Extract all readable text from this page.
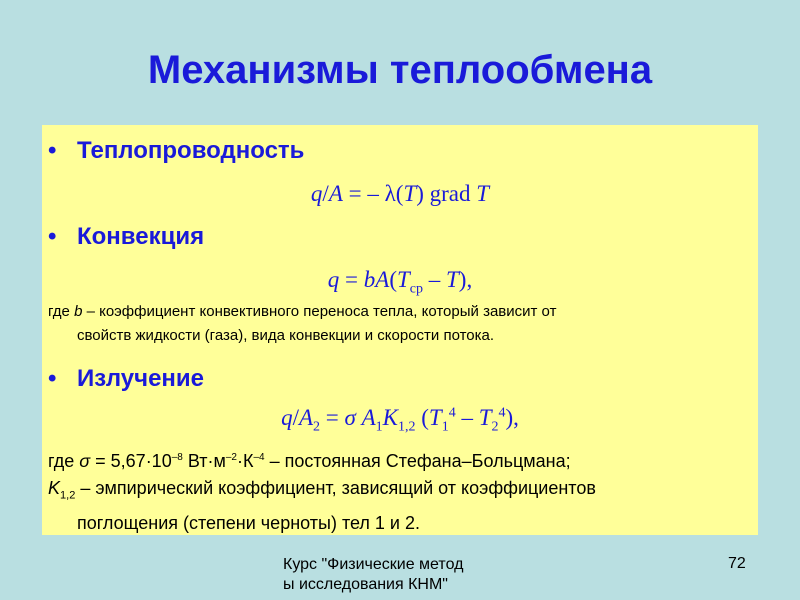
Механизмы теплообмена
• Теплопроводность
q/A = – λ(T) grad T
• Конвекция
$q = bA(T_{ср} - T)$,
где b – коэффициент конвективного переноса тепла, который зависит от
свойств жидкости (газа), вида конвекции и скорости потока.
• Излучение
$q/A_2 = \sigma$ $A_1K_{1,2}$ $(T_1^4 - T_2^4)$,
где $\sigma = 5,67\cdot 10^{-8}$ $Вт\cdot м^{-2}\cdot К^{-4}$ – постоянная Стефана–Больцмана;
$K_{1,2}$ – эмпирический коэффициент, зависящий от коэффициентов
поглощения (степени черноты) тел 1 и 2.
Курс "Физические метод
ы исследования КНМ"
72
